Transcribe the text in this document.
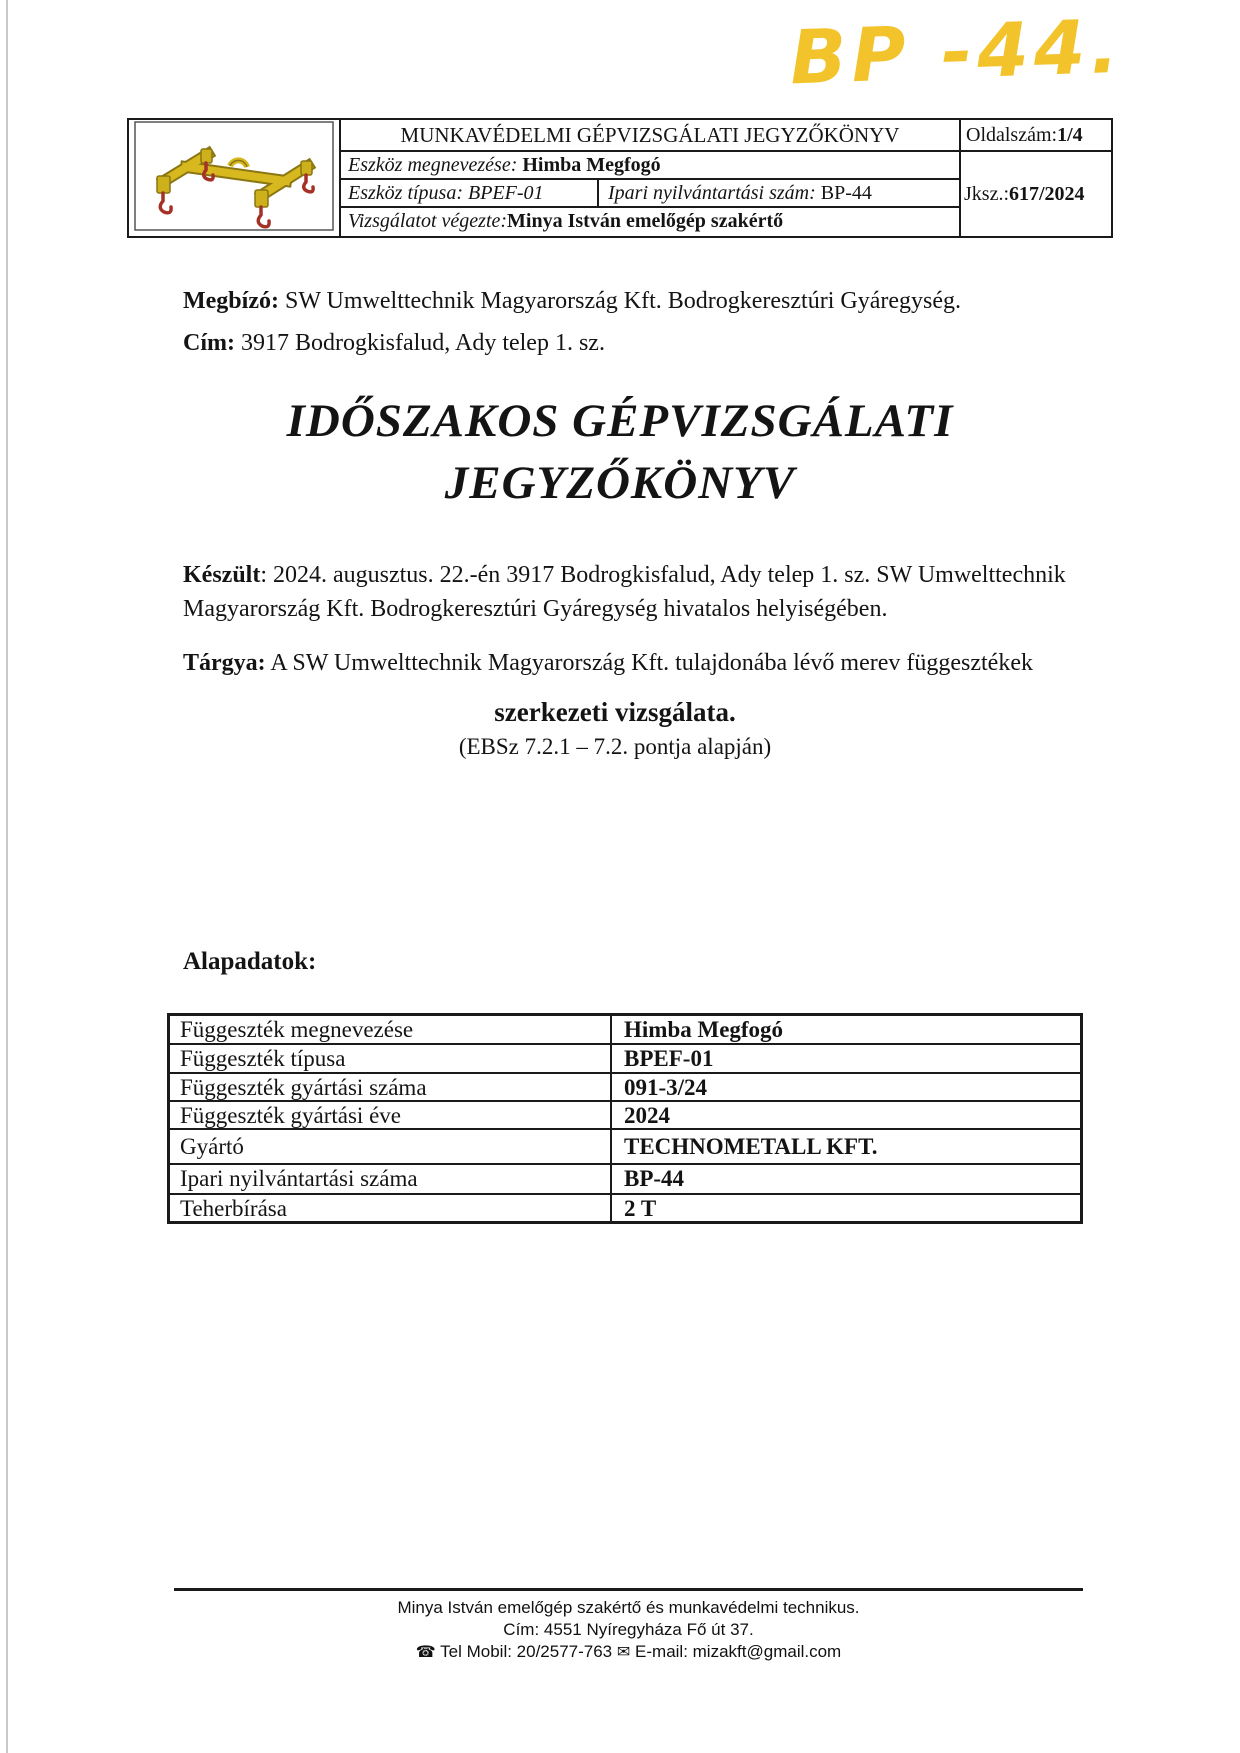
BP -44.
MUNKAVÉDELMI GÉPVIZSGÁLATI JEGYZŐKÖNYV
Eszköz megnevezése: Himba Megfogó
Eszköz típusa: BPEF-01	Ipari nyilvántartási szám: BP-44
Vizsgálatot végezte:Minya István emelőgép szakértő
Oldalszám:1/4
Jksz.: 617/2024
Megbízó: SW Umwelttechnik Magyarország Kft. Bodrogkeresztúri Gyáregység.
Cím: 3917 Bodrogkisfalud, Ady telep 1. sz.
IDŐSZAKOS GÉPVIZSGÁLATI
JEGYZŐKÖNYV
Készült: 2024. augusztus. 22.-én 3917 Bodrogkisfalud, Ady telep 1. sz. SW Umwelttechnik Magyarország Kft. Bodrogkeresztúri Gyáregység hivatalos helyiségében.
Tárgya: A SW Umwelttechnik Magyarország Kft. tulajdonába lévő merev függesztékek
szerkezeti vizsgálata.
(EBSz 7.2.1 – 7.2. pontja alapján)
Alapadatok:
Függeszték megnevezése	Himba Megfogó
Függeszték típusa	BPEF-01
Függeszték gyártási száma	091-3/24
Függeszték gyártási éve	2024
Gyártó	TECHNOMETALL KFT.
Ipari nyilvántartási száma	BP-44
Teherbírása	2 T
Minya István emelőgép szakértő és munkavédelmi technikus.
Cím: 4551 Nyíregyháza Fő út 37.
☎ Tel Mobil: 20/2577-763 ✉ E-mail: mizakft@gmail.com
